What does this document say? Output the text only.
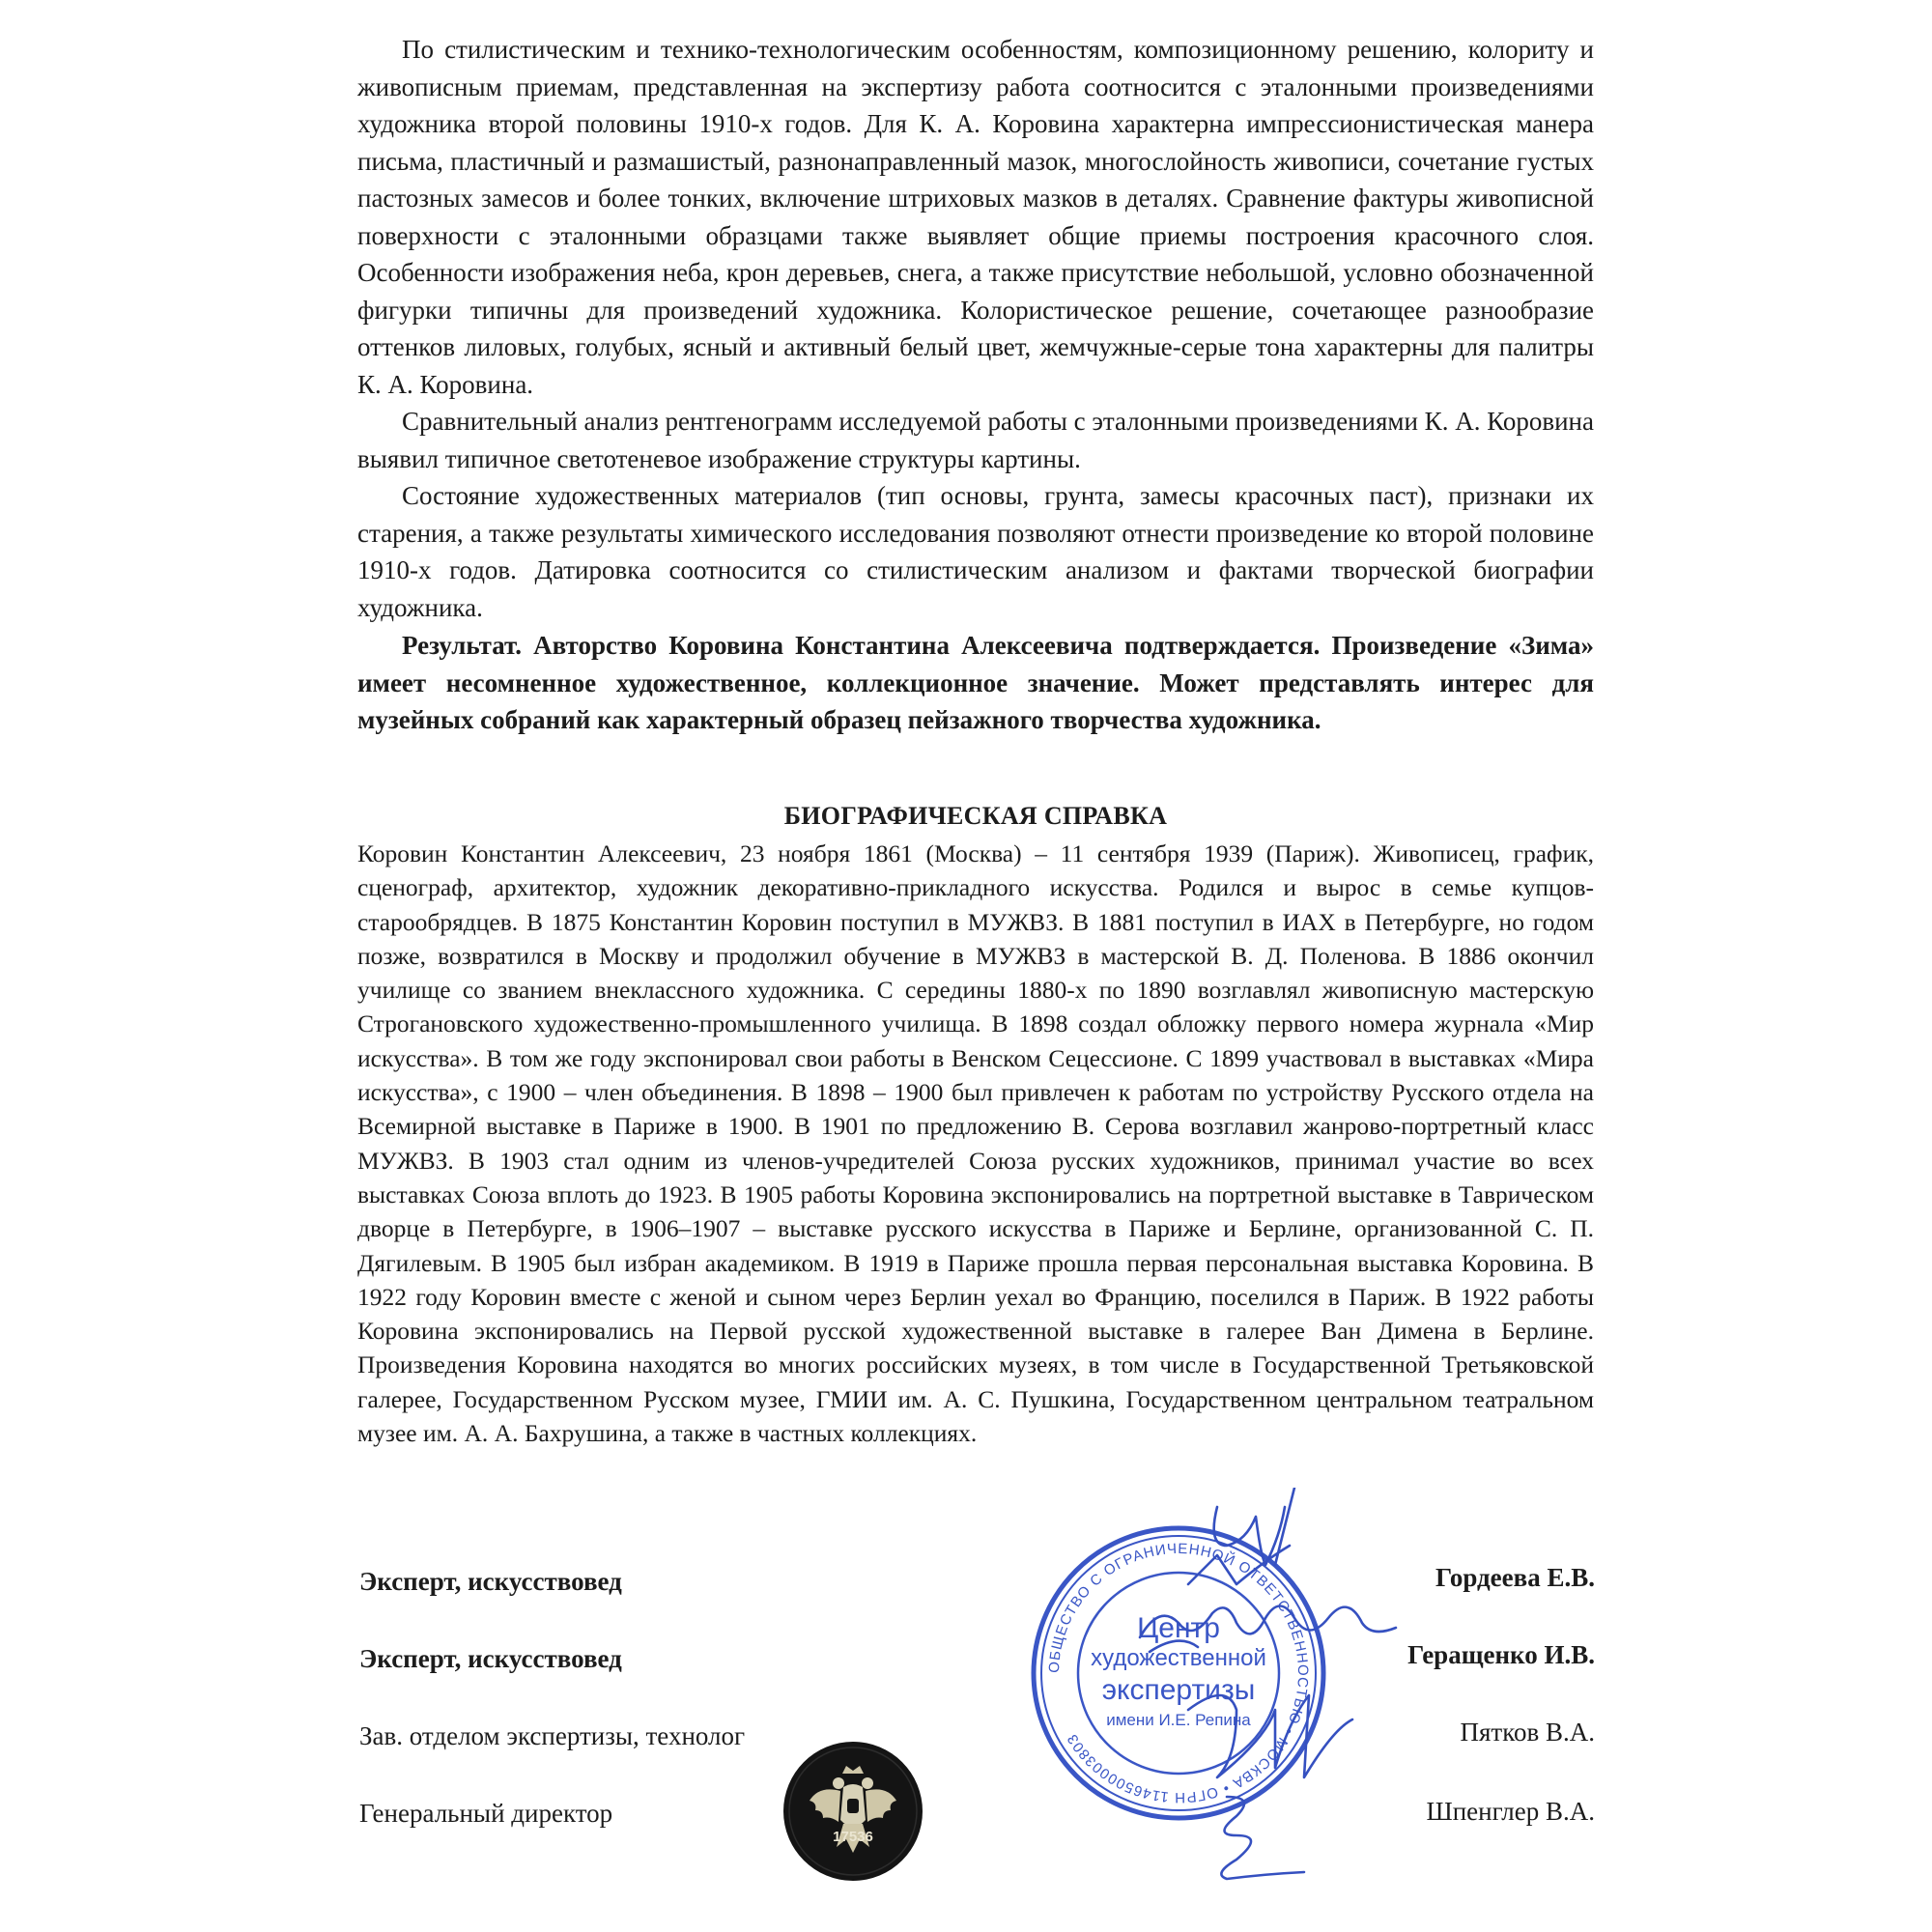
По стилистическим и технико-технологическим особенностям, композиционному решению, колориту и живописным приемам, представленная на экспертизу работа соотносится с эталонными произведениями художника второй половины 1910-х годов. Для К. А. Коровина характерна импрессионистическая манера письма, пластичный и размашистый, разнонаправленный мазок, многослойность живописи, сочетание густых пастозных замесов и более тонких, включение штриховых мазков в деталях. Сравнение фактуры живописной поверхности с эталонными образцами также выявляет общие приемы построения красочного слоя. Особенности изображения неба, крон деревьев, снега, а также присутствие небольшой, условно обозначенной фигурки типичны для произведений художника. Колористическое решение, сочетающее разнообразие оттенков лиловых, голубых, ясный и активный белый цвет, жемчужные-серые тона характерны для палитры К. А. Коровина.

Сравнительный анализ рентгенограмм исследуемой работы с эталонными произведениями К. А. Коровина выявил типичное светотеневое изображение структуры картины.

Состояние художественных материалов (тип основы, грунта, замесы красочных паст), признаки их старения, а также результаты химического исследования позволяют отнести произведение ко второй половине 1910-х годов. Датировка соотносится со стилистическим анализом и фактами творческой биографии художника.

Результат. Авторство Коровина Константина Алексеевича подтверждается. Произведение «Зима» имеет несомненное художественное, коллекционное значение. Может представлять интерес для музейных собраний как характерный образец пейзажного творчества художника.

БИОГРАФИЧЕСКАЯ СПРАВКА

Коровин Константин Алексеевич, 23 ноября 1861 (Москва) – 11 сентября 1939 (Париж). Живописец, график, сценограф, архитектор, художник декоративно-прикладного искусства. Родился и вырос в семье купцов-старообрядцев. В 1875 Константин Коровин поступил в МУЖВЗ. В 1881 поступил в ИАХ в Петербурге, но годом позже, возвратился в Москву и продолжил обучение в МУЖВЗ в мастерской В. Д. Поленова. В 1886 окончил училище со званием внеклассного художника. С середины 1880-х по 1890 возглавлял живописную мастерскую Строгановского художественно-промышленного училища. В 1898 создал обложку первого номера журнала «Мир искусства». В том же году экспонировал свои работы в Венском Сецессионе. С 1899 участвовал в выставках «Мира искусства», с 1900 – член объединения. В 1898 – 1900 был привлечен к работам по устройству Русского отдела на Всемирной выставке в Париже в 1900. В 1901 по предложению В. Серова возглавил жанрово-портретный класс МУЖВЗ. В 1903 стал одним из членов-учредителей Союза русских художников, принимал участие во всех выставках Союза вплоть до 1923. В 1905 работы Коровина экспонировались на портретной выставке в Таврическом дворце в Петербурге, в 1906–1907 – выставке русского искусства в Париже и Берлине, организованной С. П. Дягилевым. В 1905 был избран академиком. В 1919 в Париже прошла первая персональная выставка Коровина. В 1922 году Коровин вместе с женой и сыном через Берлин уехал во Францию, поселился в Париж. В 1922 работы Коровина экспонировались на Первой русской художественной выставке в галерее Ван Димена в Берлине. Произведения Коровина находятся во многих российских музеях, в том числе в Государственной Третьяковской галерее, Государственном Русском музее, ГМИИ им. А. С. Пушкина, Государственном центральном театральном музее им. А. А. Бахрушина, а также в частных коллекциях.

Эксперт, искусствовед
Эксперт, искусствовед
Зав. отделом экспертизы, технолог
Генеральный директор
Гордеева Е.В.
Геращенко И.В.
Пятков В.А.
Шпенглер В.А.
ОБЩЕСТВО С ОГРАНИЧЕННОЙ ОТВЕТСТВЕННОСТЬЮ • МОСКВА • ОГРН 1146500003803
Центр
художественной
экспертизы
имени И.Е. Репина
17536
